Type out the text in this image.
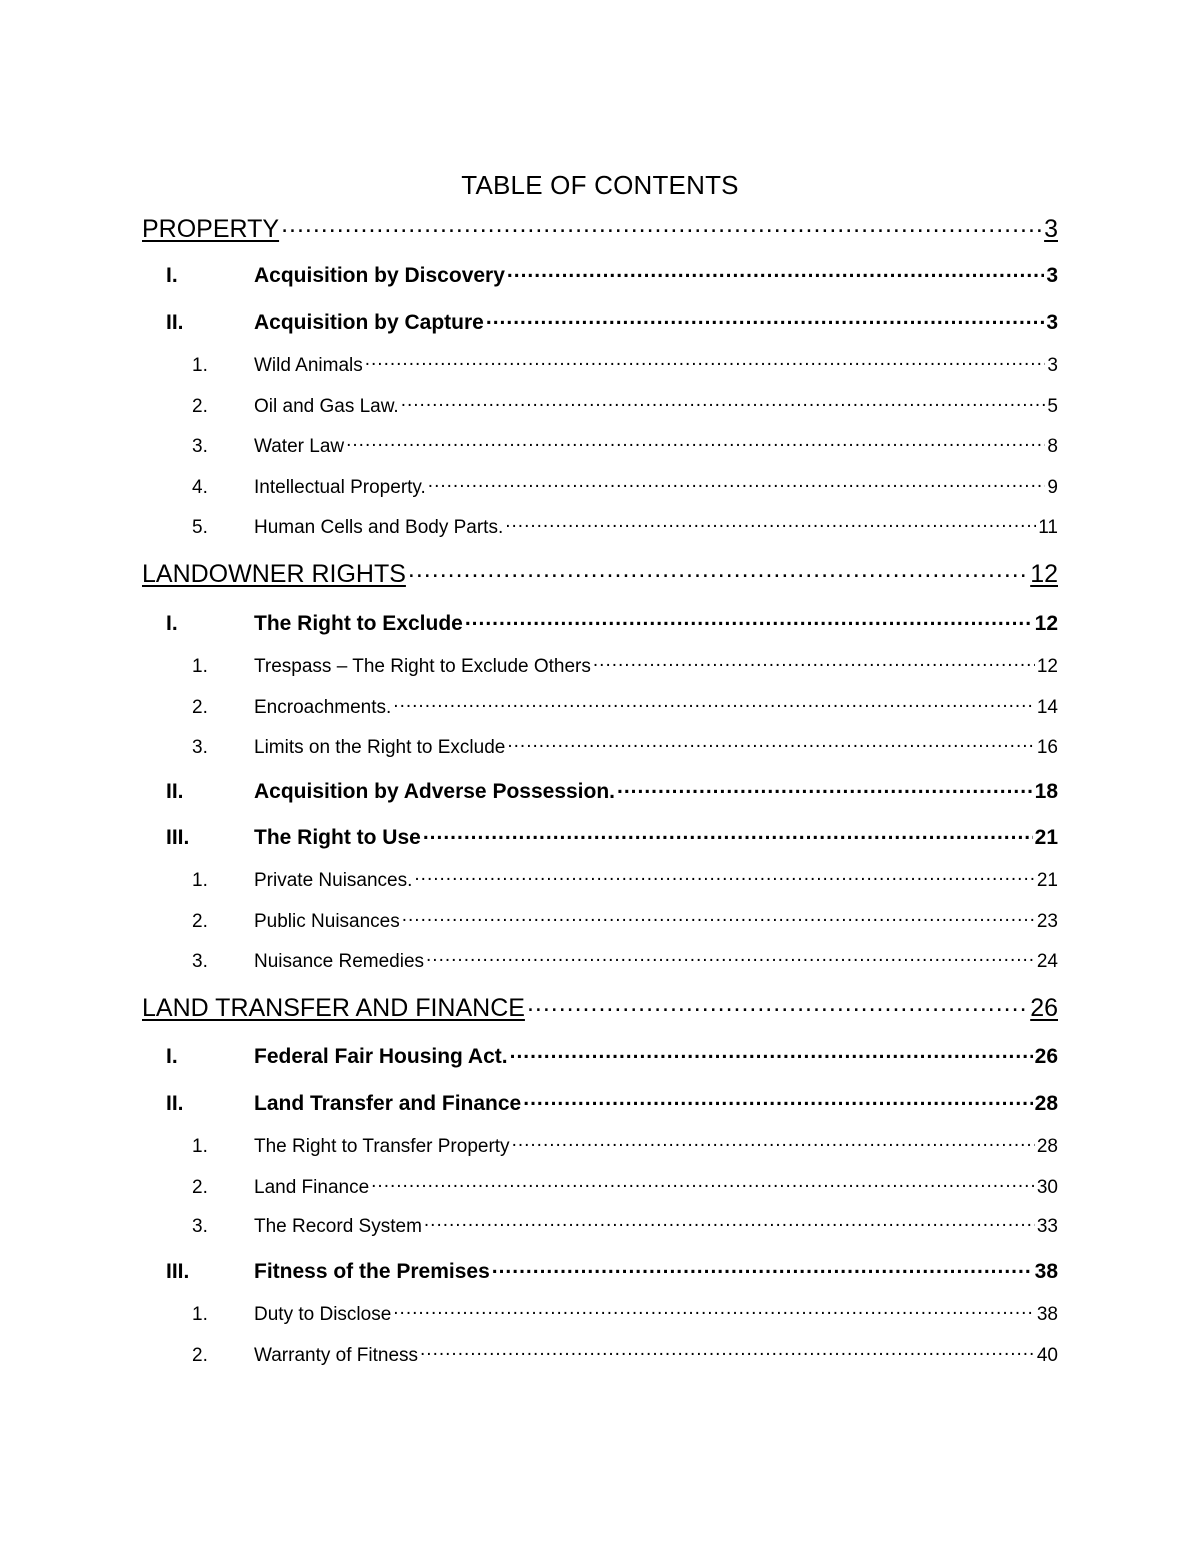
TABLE OF CONTENTS
PROPERTY .....	3
I.	Acquisition by Discovery .....	3
II.	Acquisition by Capture .....	3
1.	Wild Animals .....	3
2.	Oil and Gas Law. .....	5
3.	Water Law .....	8
4.	Intellectual Property. .....	9
5.	Human Cells and Body Parts. .....	11
LANDOWNER RIGHTS .....	12
I.	The Right to Exclude .....	12
1.	Trespass – The Right to Exclude Others .....	12
2.	Encroachments. .....	14
3.	Limits on the Right to Exclude .....	16
II.	Acquisition by Adverse Possession. .....	18
III.	The Right to Use .....	21
1.	Private Nuisances. .....	21
2.	Public Nuisances .....	23
3.	Nuisance Remedies .....	24
LAND TRANSFER AND FINANCE .....	26
I.	Federal Fair Housing Act. .....	26
II.	Land Transfer and Finance .....	28
1.	The Right to Transfer Property .....	28
2.	Land Finance .....	30
3.	The Record System .....	33
III.	Fitness of the Premises .....	38
1.	Duty to Disclose .....	38
2.	Warranty of Fitness .....	40
